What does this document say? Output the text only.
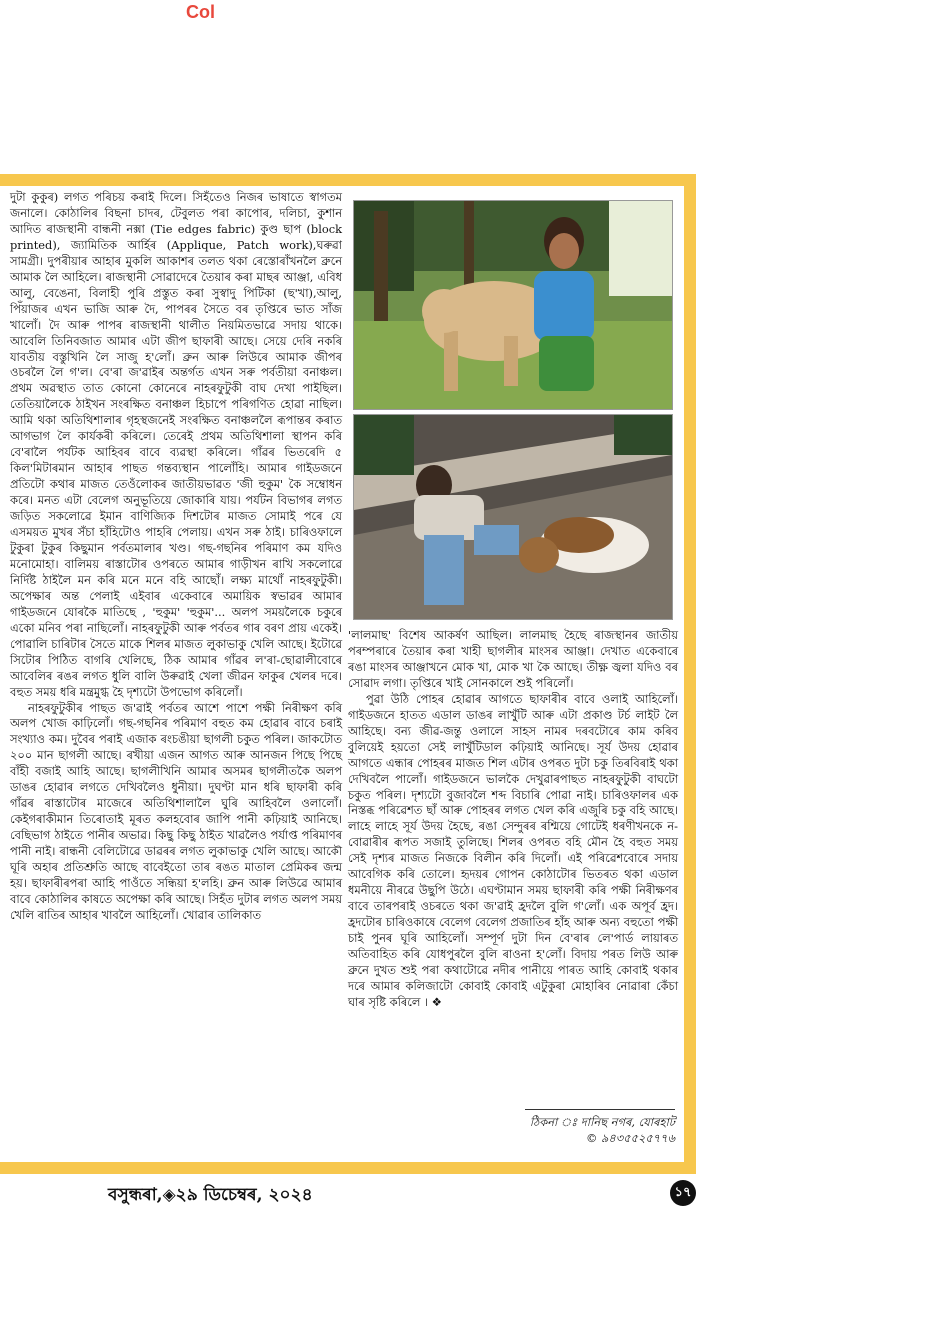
Col

দুটা কুকুৰ) লগত পৰিচয় কৰাই দিলে। সিহঁতেও নিজৰ ভাষাতে স্বাগতম জনালে। কোঠালিৰ বিছনা চাদৰ, টেবুলত পৰা কাপোৰ, দলিচা, কুশান আদিত ৰাজস্থানী বান্ধনী নক্সা (Tie edges fabric) কুণ্ড ছাপ (block printed), জ্যামিতিক আৰ্হিৰ (Applique, Patch work),ঘৰুৱা সামগ্ৰী। দুপৰীয়াৰ আহাৰ মুকলি আকাশৰ তলত থকা ৰেস্তোৰাঁখনলৈ ব্ৰুনে আমাক লৈ আহিলে। ৰাজস্থানী সোৱাদেৰে তৈয়াৰ কৰা মাছৰ আঞ্জা, এবিধ আলু, বেঙেনা, বিলাহী পুৰি প্ৰস্তুত কৰা সুস্বাদু পিটিকা (ছ'খা),আলু, পিঁয়াজৰ এখন ভাজি আৰু দৈ, পাপৰৰ সৈতে বৰ তৃপ্তিৰে ভাত সাঁজ খালোঁ। দৈ আৰু পাপৰ ৰাজস্থানী থালীত নিয়মিতভাৱে সদায় থাকে। আবেলি তিনিবজাত আমাৰ এটা জীপ ছাফাৰী আছে। সেয়ে দেৰি নকৰি যাবতীয় বস্তুখিনি লৈ সাজু হ'লোঁ। ব্ৰুন আৰু লিউৰে আমাক জীপৰ ওচৰলৈ লৈ গ'ল। বে'ৰা জ'ৱাইৰ অন্তৰ্গত এখন সৰু পৰ্বতীয়া বনাঞ্চল। প্ৰথম অৱস্থাত তাত কোনো কোনেৰে নাহৰফুটুকী বাঘ দেখা পাইছিল। তেতিয়ালৈকে ঠাইখন সংৰক্ষিত বনাঞ্চল হিচাপে পৰিগণিত হোৱা নাছিল। আমি থকা অতিথিশালাৰ গৃহস্থজনেই সংৰক্ষিত বনাঞ্চললৈ ৰূপান্তৰ কৰাত আগভাগ লৈ কাৰ্যকৰী কৰিলে। তেৰেই প্ৰথম অতিথিশালা স্থাপন কৰি বে'ৰালৈ পৰ্যটক আহিবৰ বাবে ব্যৱস্থা কৰিলে। গাঁৱৰ ভিতৰেদি ৫ কিল'মিটাৰমান আহাৰ পাছত গন্তব্যস্থান পালোঁহি। আমাৰ গাইডজনে প্ৰতিটো কথাৰ মাজত তেওঁলোকৰ জাতীয়ভাৱত 'জী হুকুম' কৈ সম্বোধন কৰে। মনত এটা বেলেগ অনুভূতিয়ে জোকাৰি যায়। পৰ্যটন বিভাগৰ লগত জড়িত সকলোৱে ইমান বাণিজ্যিক দিশটোৰ মাজত সোমাই পৰে যে এসময়ত মুখৰ সঁচা হাঁহিটোও পাহৰি পেলায়। এখন সৰু ঠাই। চাৰিওফালে টুকুৰা টুকুৰ কিছুমান পৰ্বতমালাৰ খণ্ড। গছ-গছনিৰ পৰিমাণ কম যদিও মনোমোহা। বালিময় ৰাস্তাটোৰ ওপৰতে আমাৰ গাড়ীখন ৰাখি সকলোৱে নিৰ্দিষ্ট ঠাইলৈ মন কৰি মনে মনে বহি আছোঁ। লক্ষ্য মাথোঁ নাহৰফুটুকী। অপেক্ষাৰ অন্ত পেলাই এইবাৰ একেবাৰে অমায়িক স্বভাৱৰ আমাৰ গাইডজনে যোৰকৈ মাতিছে , 'হুকুম' 'হুকুম'... অলপ সময়লৈকে চকুৰে একো মনিব পৰা নাছিলোঁ। নাহৰফুটুকী আৰু পৰ্বতৰ গাৰ বৰণ প্ৰায় একেই। পোৱালি চাৰিটাৰ সৈতে মাকে শিলৰ মাজত লুকাভাকু খেলি আছে। ইটোৱে সিটোৰ পিঠিত বাগৰি খেলিছে, ঠিক আমাৰ গাঁৱৰ ল'ৰা-ছোৱালীবোৰে আবেলিৰ ৰঙৰ লগত ধুলি বালি উৰুৱাই খেলা জীৱন ফাকুৰ খেলৰ দৰে। বহুত সময় ধৰি মন্ত্ৰমুগ্ধ হৈ দৃশ্যটো উপভোগ কৰিলোঁ।

নাহৰফুটুকীৰ পাছত জ'ৱাই পৰ্বতৰ আশে পাশে পক্ষী নিৰীক্ষণ কৰি অলপ খোজ কাঢ়িলোঁ। গছ-গছনিৰ পৰিমাণ বহুত কম হোৱাৰ বাবে চৰাই সংখ্যাও কম। দুবৈৰ পৰাই এজাক ৰংচঙীয়া ছাগলী চকুত পৰিল। জাকটোত ২০০ মান ছাগলী আছে। ৰখীয়া এজন আগত আৰু আনজন পিছে পিছে বাঁহী বজাই আহি আছে। ছাগলীখিনি আমাৰ অসমৰ ছাগলীতকৈ অলপ ডাঙৰ হোৱাৰ লগতে দেখিবলৈও ধুনীয়া। দুঘণ্টা মান ধৰি ছাফাৰী কৰি গাঁৱৰ ৰাস্তাটোৰ মাজেৰে অতিথিশালালৈ ঘুৰি আহিবলৈ ওলালোঁ। কেইগৰাকীমান তিৰোতাই মূৰত কলহবোৰ জাপি পানী কঢ়িয়াই আনিছে। বেছিভাগ ঠাইতে পানীৰ অভাৱ। কিছু কিছু ঠাইত খাৱলৈও পৰ্যাপ্ত পৰিমাণৰ পানী নাই। ৰান্ধনী বেলিটোৱে ডাৱৰৰ লগত লুকাভাকু খেলি আছে। আকৌ ঘূৰি অহাৰ প্ৰতিশ্ৰুতি আছে বাবেইতো তাৰ ৰঙত মাতাল প্ৰেমিকৰ জন্ম হয়। ছাফাৰীৰপৰা আহি পাওঁতে সন্ধিয়া হ'লহি। ব্ৰুন আৰু লিউৱে আমাৰ বাবে কোঠালিৰ কাষতে অপেক্ষা কৰি আছে। সিহঁত দুটাৰ লগত অলপ সময় খেলি ৰাতিৰ আহাৰ খাবলৈ আহিলোঁ। খোৱাৰ তালিকাত

'লালমাছ' বিশেষ আকৰ্ষণ আছিল। লালমাছ হৈছে ৰাজস্থানৰ জাতীয় পৰম্পৰাৰে তৈয়াৰ কৰা খাহী ছাগলীৰ মাংসৰ আঞ্জা। দেখাত একেবাৰে ৰঙা মাংসৰ আঞ্জাখনে মোক খা, মোক খা কৈ আছে। তীক্ষ্ণ জ্বলা যদিও বৰ সোৱাদ লগা। তৃপ্তিৰে খাই সোনকালে শুই পৰিলোঁ।

পুৱা উঠি পোহৰ হোৱাৰ আগতে ছাফাৰীৰ বাবে ওলাই আহিলোঁ। গাইডজনে হাতত এডাল ডাঙৰ লাখুঁটি আৰু এটা প্ৰকাণ্ড টৰ্চ লাইট লৈ আহিছে। বন্য জীৱ-জন্তু ওলালে সাহস নামৰ দৰবটোৰে কাম কৰিব বুলিয়েই হয়তো সেই লাখুঁটিডাল কঢ়িয়াই আনিছে। সূৰ্য উদয় হোৱাৰ আগতে এন্ধাৰ পোহৰৰ মাজত শিল এটাৰ ওপৰত দুটা চকু তিৰবিৰাই থকা দেখিবলৈ পালোঁ। গাইডজনে ভালকৈ দেখুৱাৰপাছত নাহৰফুটুকী বাঘটো চকুত পৰিল। দৃশ্যটো বুজাবলৈ শব্দ বিচাৰি পোৱা নাই। চাৰিওফালৰ এক নিস্তব্ধ পৰিৱেশত ছাঁ আৰু পোহৰৰ লগত খেল কৰি এজুৰি চকু বহি আছে। লাহে লাহে সূৰ্য উদয় হৈছে, ৰঙা সেন্দুৰৰ ৰশ্মিয়ে গোটেই ধৰণীখনকে ন-বোৱাৰীৰ ৰূপত সজাই তুলিছে। শিলৰ ওপৰত বহি মৌন হৈ বহুত সময় সেই দৃশ্যৰ মাজত নিজকে বিলীন কৰি দিলোঁ। এই পৰিৱেশবোৰে সদায় আবেগিক কৰি তোলে। হৃদয়ৰ গোপন কোঠাটোৰ ভিতৰত থকা এডাল ধমনীয়ে নীৰৱে উছুপি উঠে। এঘণ্টামান সময় ছাফাৰী কৰি পক্ষী নিৰীক্ষণৰ বাবে তাৰপৰাই ওচৰতে থকা জ'ৱাই হ্ৰদলৈ বুলি গ'লোঁ। এক অপূৰ্ব হ্ৰদ। হ্ৰদটোৰ চাৰিওকাষে বেলেগ বেলেগ প্ৰজাতিৰ হাঁহ আৰু অন্য বহুতো পক্ষী চাই পুনৰ ঘূৰি আহিলোঁ। সম্পূৰ্ণ দুটা দিন বে'ৰাৰ লে'পাৰ্ড লায়াৰত অতিবাহিত কৰি যোধপুৰলৈ বুলি ৰাওনা হ'লোঁ। বিদায় পৰত লিউ আৰু ব্ৰুনে দুখত শুই পৰা কথাটোৱে নদীৰ পানীয়ে পাৰত আহি কোবাই থকাৰ দৰে আমাৰ কলিজাটো কোবাই কোবাই এটুকুৰা মোহাৰিব নোৱাৰা কেঁচা ঘাৰ সৃষ্টি কৰিলে । ❖

ঠিকনা ঃ দানিছ নগৰ, যোৰহাট
© ৯৪৩৫৫২৫৭৭৬
বসুন্ধৰা,◈২৯ ডিচেম্বৰ, ২০২৪	১৭
